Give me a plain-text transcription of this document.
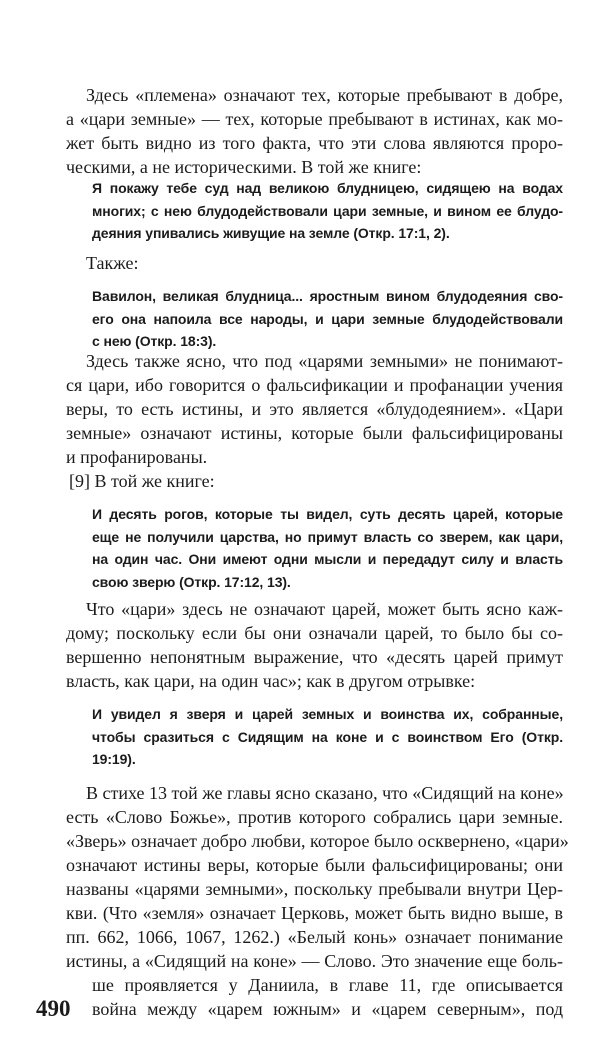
Здесь «племена» означают тех, которые пребывают в добре,
а «цари земные» — тех, которые пребывают в истинах, как мо-
жет быть видно из того факта, что эти слова являются проро-
ческими, а не историческими. В той же книге:
Я покажу тебе суд над великою блудницею, сидящею на водах
многих; с нею блудодействовали цари земные, и вином ее блудо-
деяния упивались живущие на земле (Откр. 17:1, 2).
Также:
Вавилон, великая блудница... яростным вином блудодеяния сво-
его она напоила все народы, и цари земные блудодействовали
с нею (Откр. 18:3).
Здесь также ясно, что под «царями земными» не понимают-
ся цари, ибо говорится о фальсификации и профанации учения
веры, то есть истины, и это является «блудодеянием». «Цари
земные» означают истины, которые были фальсифицированы
и профанированы.
[9] В той же книге:
И десять рогов, которые ты видел, суть десять царей, которые
еще не получили царства, но примут власть со зверем, как цари,
на один час. Они имеют одни мысли и передадут силу и власть
свою зверю (Откр. 17:12, 13).
Что «цари» здесь не означают царей, может быть ясно каж-
дому; поскольку если бы они означали царей, то было бы со-
вершенно непонятным выражение, что «десять царей примут
власть, как цари, на один час»; как в другом отрывке:
И увидел я зверя и царей земных и воинства их, собранные,
чтобы сразиться с Сидящим на коне и с воинством Его (Откр.
19:19).
В стихе 13 той же главы ясно сказано, что «Сидящий на коне»
есть «Слово Божье», против которого собрались цари земные.
«Зверь» означает добро любви, которое было осквернено, «цари»
означают истины веры, которые были фальсифицированы; они
названы «царями земными», поскольку пребывали внутри Цер-
кви. (Что «земля» означает Церковь, может быть видно выше, в
пп. 662, 1066, 1067, 1262.) «Белый конь» означает понимание
истины, а «Сидящий на коне» — Слово. Это значение еще боль-
ше проявляется у Даниила, в главе 11, где описывается
война между «царем южным» и «царем северным», под
490
